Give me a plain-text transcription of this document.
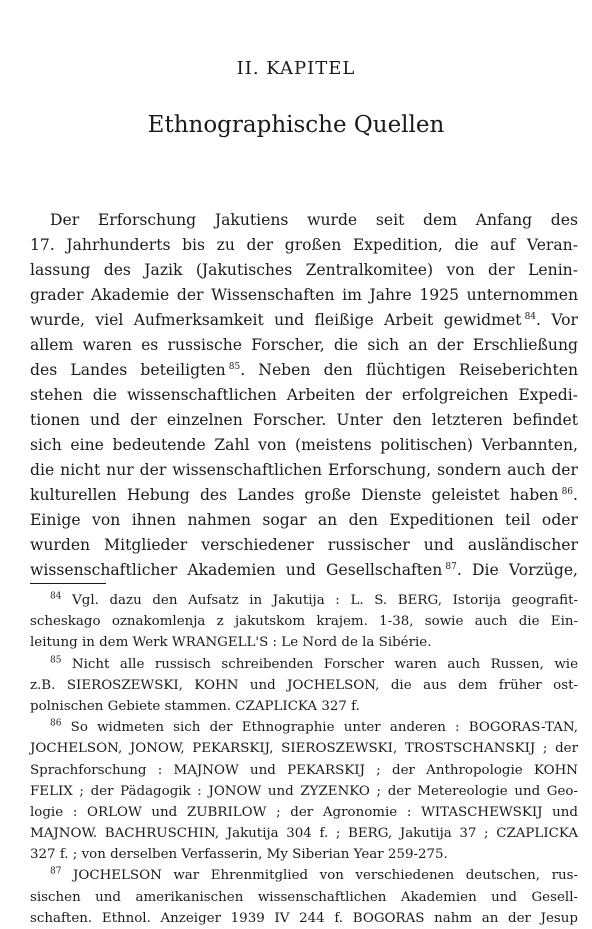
II. KAPITEL
Ethnographische Quellen
Der Erforschung Jakutiens wurde seit dem Anfang des
17. Jahrhunderts bis zu der großen Expedition, die auf Veran-
lassung des Jazik (Jakutisches Zentralkomitee) von der Lenin-
grader Akademie der Wissenschaften im Jahre 1925 unternommen
wurde, viel Aufmerksamkeit und fleißige Arbeit gewidmet $^{84}$. Vor
allem waren es russische Forscher, die sich an der Erschließung
des Landes beteiligten $^{85}$. Neben den flüchtigen Reiseberichten
stehen die wissenschaftlichen Arbeiten der erfolgreichen Expedi-
tionen und der einzelnen Forscher. Unter den letzteren befindet
sich eine bedeutende Zahl von (meistens politischen) Verbannten,
die nicht nur der wissenschaftlichen Erforschung, sondern auch der
kulturellen Hebung des Landes große Dienste geleistet haben $^{86}$.
Einige von ihnen nahmen sogar an den Expeditionen teil oder
wurden Mitglieder verschiedener russischer und ausländischer
wissenschaftlicher Akademien und Gesellschaften $^{87}$. Die Vorzüge,
$^{84}$ Vgl. dazu den Aufsatz in Jakutija : L. S. BERG, Istorija geografit-
scheskago oznakomlenja z jakutskom krajem. 1-38, sowie auch die Ein-
leitung in dem Werk WRANGELL'S : Le Nord de la Sibérie.
$^{85}$ Nicht alle russisch schreibenden Forscher waren auch Russen, wie
z.B. SIEROSZEWSKI, KOHN und JOCHELSON, die aus dem früher ost-
polnischen Gebiete stammen. CZAPLICKA 327 f.
$^{86}$ So widmeten sich der Ethnographie unter anderen : BOGORAS-TAN,
JOCHELSON, JONOW, PEKARSKIJ, SIEROSZEWSKI, TROSTSCHANSKIJ ; der
Sprachforschung : MAJNOW und PEKARSKIJ ; der Anthropologie KOHN
FELIX ; der Pädagogik : JONOW und ZYZENKO ; der Metereologie und Geo-
logie : ORLOW und ZUBRILOW ; der Agronomie : WITASCHEWSKIJ und
MAJNOW. BACHRUSCHIN, Jakutija 304 f. ; BERG, Jakutija 37 ; CZAPLICKA
327 f. ; von derselben Verfasserin, My Siberian Year 259-275.
$^{87}$ JOCHELSON war Ehrenmitglied von verschiedenen deutschen, rus-
sischen und amerikanischen wissenschaftlichen Akademien und Gesell-
schaften. Ethnol. Anzeiger 1939 IV 244 f. BOGORAS nahm an der Jesup
